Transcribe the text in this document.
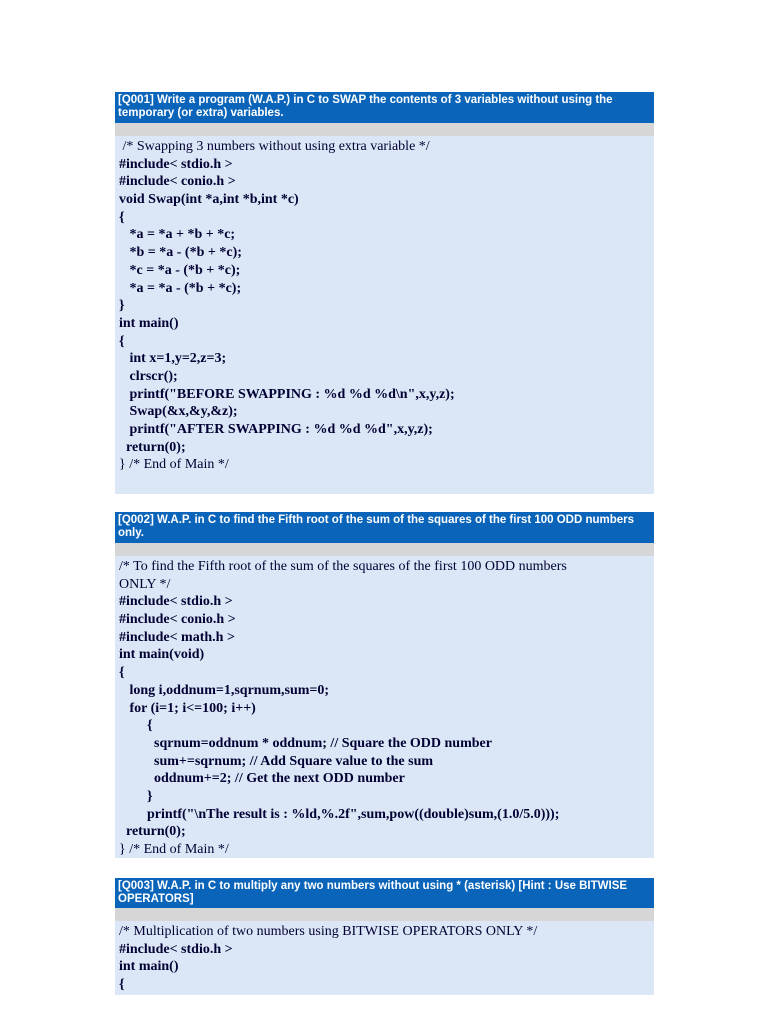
[Q001] Write a program (W.A.P.) in C to SWAP the contents of 3 variables without using the temporary (or extra) variables.
/* Swapping 3 numbers without using extra variable */
#include< stdio.h >
#include< conio.h >
void Swap(int *a,int *b,int *c)
{
*a = *a + *b + *c;
*b = *a - (*b + *c);
*c = *a - (*b + *c);
*a = *a - (*b + *c);
}
int main()
{
int x=1,y=2,z=3;
clrscr();
printf("BEFORE SWAPPING : %d %d %d\n",x,y,z);
Swap(&x,&y,&z);
printf("AFTER SWAPPING : %d %d %d",x,y,z);
return(0);
} /* End of Main */
[Q002] W.A.P. in C to find the Fifth root of the sum of the squares of the first 100 ODD numbers only.
/* To find the Fifth root of the sum of the squares of the first 100 ODD numbers
ONLY */
#include< stdio.h >
#include< conio.h >
#include< math.h >
int main(void)
{
long i,oddnum=1,sqrnum,sum=0;
for (i=1; i<=100; i++)
{
sqrnum=oddnum * oddnum; // Square the ODD number
sum+=sqrnum; // Add Square value to the sum
oddnum+=2; // Get the next ODD number
}
printf("\nThe result is : %ld,%.2f",sum,pow((double)sum,(1.0/5.0)));
return(0);
} /* End of Main */
[Q003] W.A.P. in C to multiply any two numbers without using * (asterisk) [Hint : Use BITWISE OPERATORS]
/* Multiplication of two numbers using BITWISE OPERATORS ONLY */
#include< stdio.h >
int main()
{
